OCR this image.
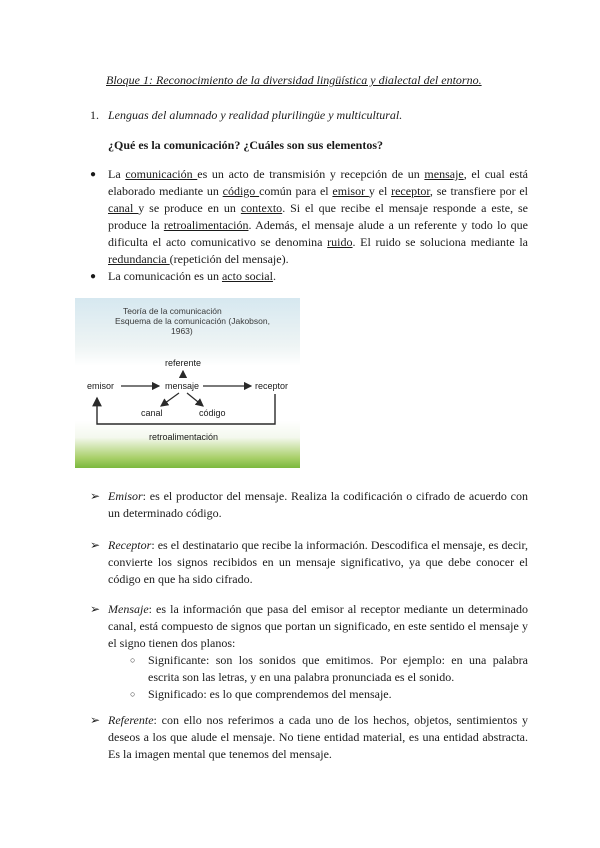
Bloque 1: Reconocimiento de la diversidad lingüística y dialectal del entorno.
1. Lenguas del alumnado y realidad plurilingüe y multicultural.
¿Qué es la comunicación? ¿Cuáles son sus elementos?
● La comunicación es un acto de transmisión y recepción de un mensaje, el cual está elaborado mediante un código común para el emisor y el receptor, se transfiere por el canal y se produce en un contexto. Si el que recibe el mensaje responde a este, se produce la retroalimentación. Además, el mensaje alude a un referente y todo lo que dificulta el acto comunicativo se denomina ruido. El ruido se soluciona mediante la redundancia (repetición del mensaje).
● La comunicación es un acto social.
Teoría de la comunicación
Esquema de la comunicación (Jakobson,
1963)
referente
emisor	mensaje	receptor
canal	código
retroalimentación
➢ Emisor: es el productor del mensaje. Realiza la codificación o cifrado de acuerdo con un determinado código.
➢ Receptor: es el destinatario que recibe la información. Descodifica el mensaje, es decir, convierte los signos recibidos en un mensaje significativo, ya que debe conocer el código en que ha sido cifrado.
➢ Mensaje: es la información que pasa del emisor al receptor mediante un determinado canal, está compuesto de signos que portan un significado, en este sentido el mensaje y el signo tienen dos planos:
○ Significante: son los sonidos que emitimos. Por ejemplo: en una palabra escrita son las letras, y en una palabra pronunciada es el sonido.
○ Significado: es lo que comprendemos del mensaje.
➢ Referente: con ello nos referimos a cada uno de los hechos, objetos, sentimientos y deseos a los que alude el mensaje. No tiene entidad material, es una entidad abstracta. Es la imagen mental que tenemos del mensaje.
